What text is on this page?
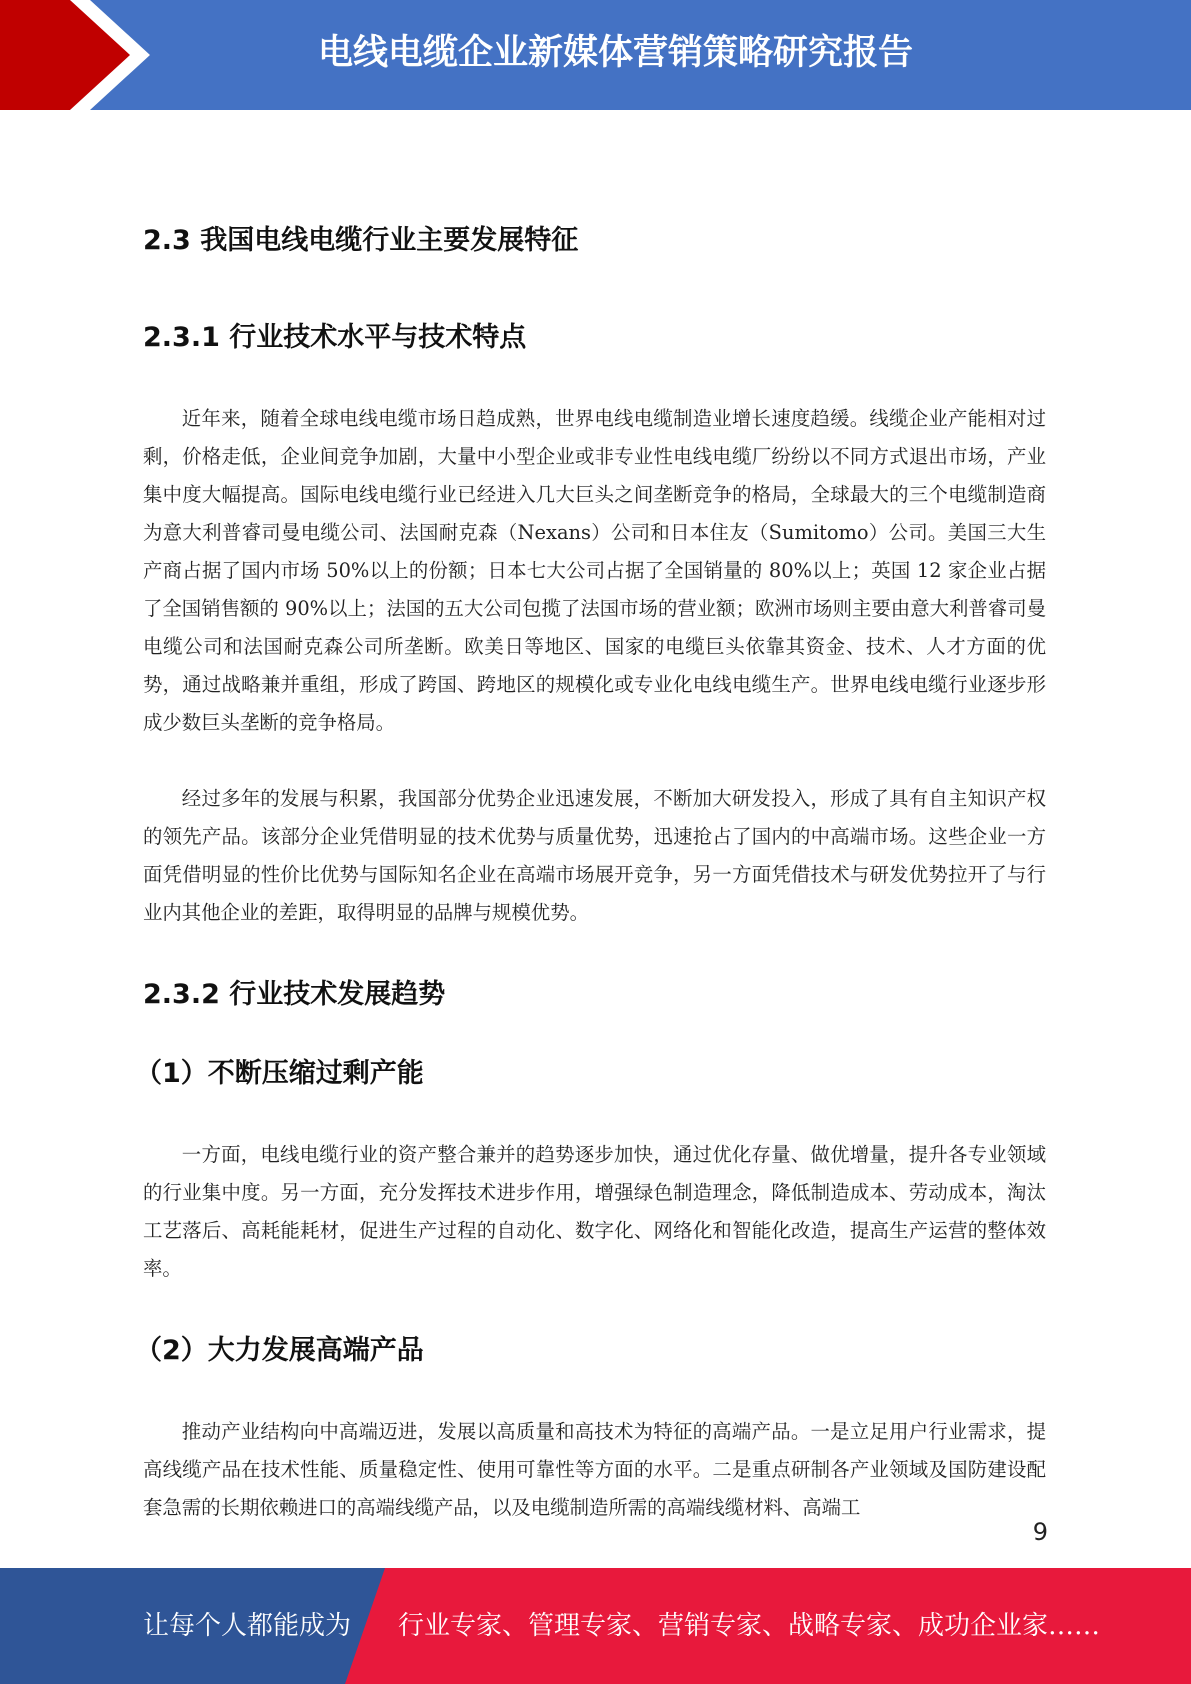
电线电缆企业新媒体营销策略研究报告
2.3 我国电线电缆行业主要发展特征
2.3.1 行业技术水平与技术特点

近年来，随着全球电线电缆市场日趋成熟，世界电线电缆制造业增长速度趋缓。线缆企业产能相对过剩，价格走低，企业间竞争加剧，大量中小型企业或非专业性电线电缆厂纷纷以不同方式退出市场，产业集中度大幅提高。国际电线电缆行业已经进入几大巨头之间垄断竞争的格局，全球最大的三个电缆制造商为意大利普睿司曼电缆公司、法国耐克森（Nexans）公司和日本住友（Sumitomo）公司。美国三大生产商占据了国内市场 50%以上的份额；日本七大公司占据了全国销量的 80%以上；英国 12 家企业占据了全国销售额的 90%以上；法国的五大公司包揽了法国市场的营业额；欧洲市场则主要由意大利普睿司曼电缆公司和法国耐克森公司所垄断。欧美日等地区、国家的电缆巨头依靠其资金、技术、人才方面的优势，通过战略兼并重组，形成了跨国、跨地区的规模化或专业化电线电缆生产。世界电线电缆行业逐步形成少数巨头垄断的竞争格局。

经过多年的发展与积累，我国部分优势企业迅速发展，不断加大研发投入，形成了具有自主知识产权的领先产品。该部分企业凭借明显的技术优势与质量优势，迅速抢占了国内的中高端市场。这些企业一方面凭借明显的性价比优势与国际知名企业在高端市场展开竞争，另一方面凭借技术与研发优势拉开了与行业内其他企业的差距，取得明显的品牌与规模优势。

2.3.2 行业技术发展趋势
（1）不断压缩过剩产能

一方面，电线电缆行业的资产整合兼并的趋势逐步加快，通过优化存量、做优增量，提升各专业领域的行业集中度。另一方面，充分发挥技术进步作用，增强绿色制造理念，降低制造成本、劳动成本，淘汰工艺落后、高耗能耗材，促进生产过程的自动化、数字化、网络化和智能化改造，提高生产运营的整体效率。

（2）大力发展高端产品

推动产业结构向中高端迈进，发展以高质量和高技术为特征的高端产品。一是立足用户行业需求，提高线缆产品在技术性能、质量稳定性、使用可靠性等方面的水平。二是重点研制各产业领域及国防建设配套急需的长期依赖进口的高端线缆产品，以及电缆制造所需的高端线缆材料、高端工

9
让每个人都能成为 行业专家、管理专家、营销专家、战略专家、成功企业家……
